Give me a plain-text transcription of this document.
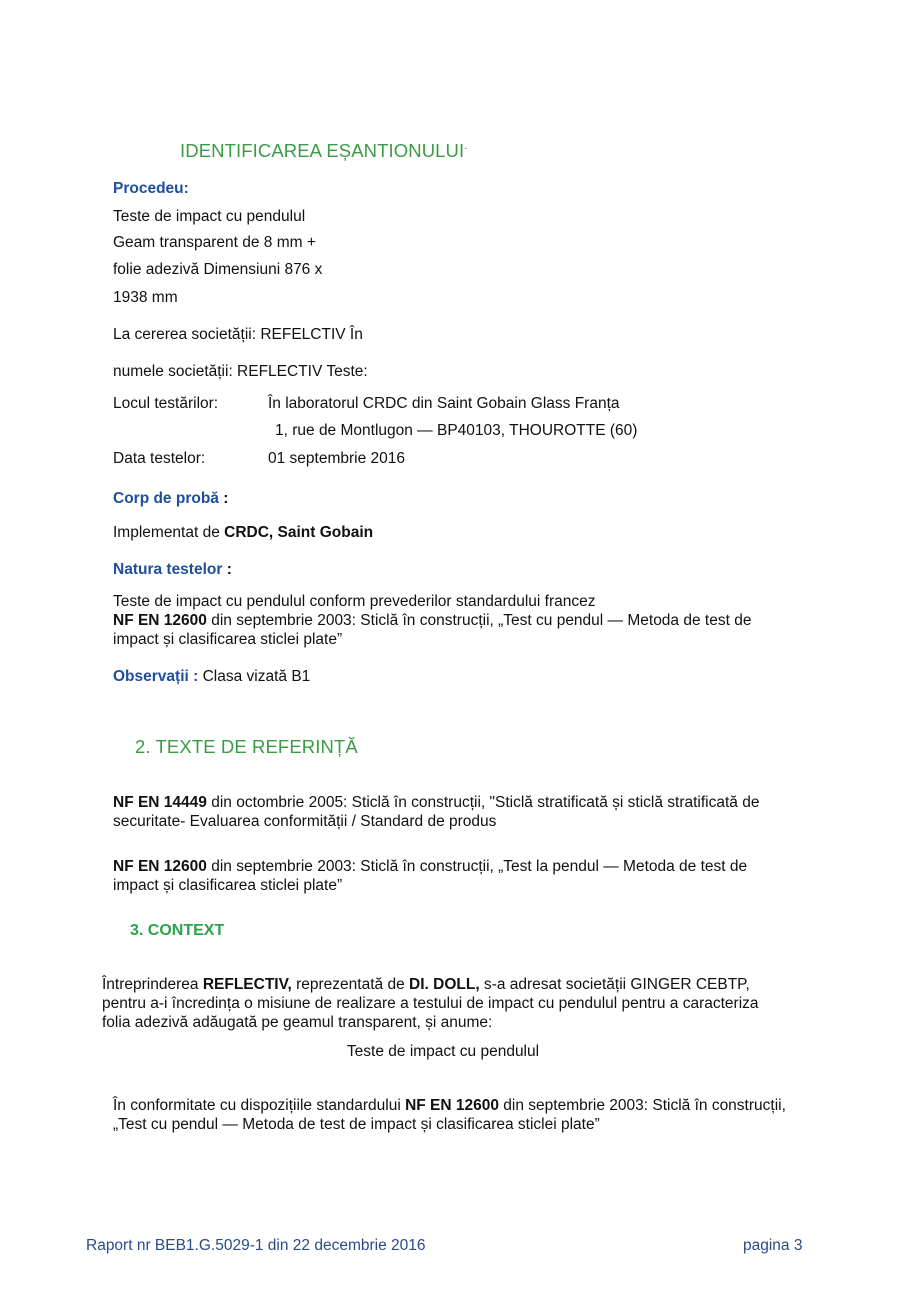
IDENTIFICAREA EȘANTIONULUI-
Procedeu:
Teste de impact cu pendulul
Geam transparent de 8 mm +
folie adezivă Dimensiuni 876 x
1938 mm
La cererea societății: REFELCTIV În
numele societății: REFLECTIV Teste:
Locul testărilor:	În laboratorul CRDC din Saint Gobain Glass Franța
1, rue de Montlugon — BP40103, THOUROTTE (60)
Data testelor:	01 septembrie 2016
Corp de probă :
Implementat de CRDC, Saint Gobain
Natura testelor :
Teste de impact cu pendulul conform prevederilor standardului francez
NF EN 12600 din septembrie 2003: Sticlă în construcții, „Test cu pendul — Metoda de test de
impact și clasificarea sticlei plate”
Observații : Clasa vizată B1
2. TEXTE DE REFERINȚĂ
NF EN 14449 din octombrie 2005: Sticlă în construcții, "Sticlă stratificată și sticlă stratificată de
securitate- Evaluarea conformității / Standard de produs
NF EN 12600 din septembrie 2003: Sticlă în construcții, „Test la pendul — Metoda de test de
impact și clasificarea sticlei plate”
3. CONTEXT
Întreprinderea REFLECTIV, reprezentată de DI. DOLL, s-a adresat societății GINGER CEBTP,
pentru a-i încredința o misiune de realizare a testului de impact cu pendulul pentru a caracteriza
folia adezivă adăugată pe geamul transparent, și anume:
Teste de impact cu pendulul
În conformitate cu dispozițiile standardului NF EN 12600 din septembrie 2003: Sticlă în construcții,
„Test cu pendul — Metoda de test de impact și clasificarea sticlei plate”
Raport nr BEB1.G.5029-1 din 22 decembrie 2016	pagina 3
